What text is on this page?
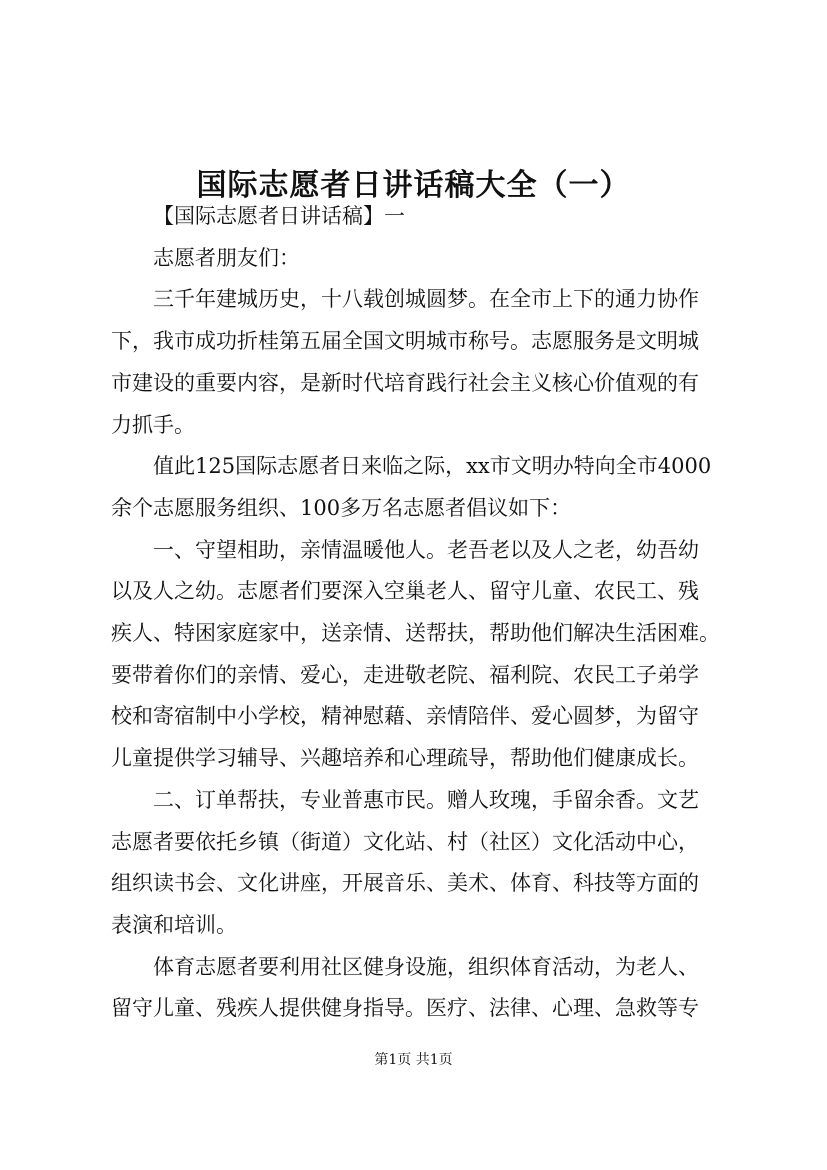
国际志愿者日讲话稿大全（一）

【国际志愿者日讲话稿】一

志愿者朋友们：

三千年建城历史，十八载创城圆梦。在全市上下的通力协作
下，我市成功折桂第五届全国文明城市称号。志愿服务是文明城
市建设的重要内容，是新时代培育践行社会主义核心价值观的有
力抓手。

值此125国际志愿者日来临之际，xx市文明办特向全市4000
余个志愿服务组织、100多万名志愿者倡议如下：

一、守望相助，亲情温暖他人。老吾老以及人之老，幼吾幼
以及人之幼。志愿者们要深入空巢老人、留守儿童、农民工、残
疾人、特困家庭家中，送亲情、送帮扶，帮助他们解决生活困难。
要带着你们的亲情、爱心，走进敬老院、福利院、农民工子弟学
校和寄宿制中小学校，精神慰藉、亲情陪伴、爱心圆梦，为留守
儿童提供学习辅导、兴趣培养和心理疏导，帮助他们健康成长。

二、订单帮扶，专业普惠市民。赠人玫瑰，手留余香。文艺
志愿者要依托乡镇（街道）文化站、村（社区）文化活动中心，
组织读书会、文化讲座，开展音乐、美术、体育、科技等方面的
表演和培训。

体育志愿者要利用社区健身设施，组织体育活动，为老人、
留守儿童、残疾人提供健身指导。医疗、法律、心理、急救等专

第1页 共1页
